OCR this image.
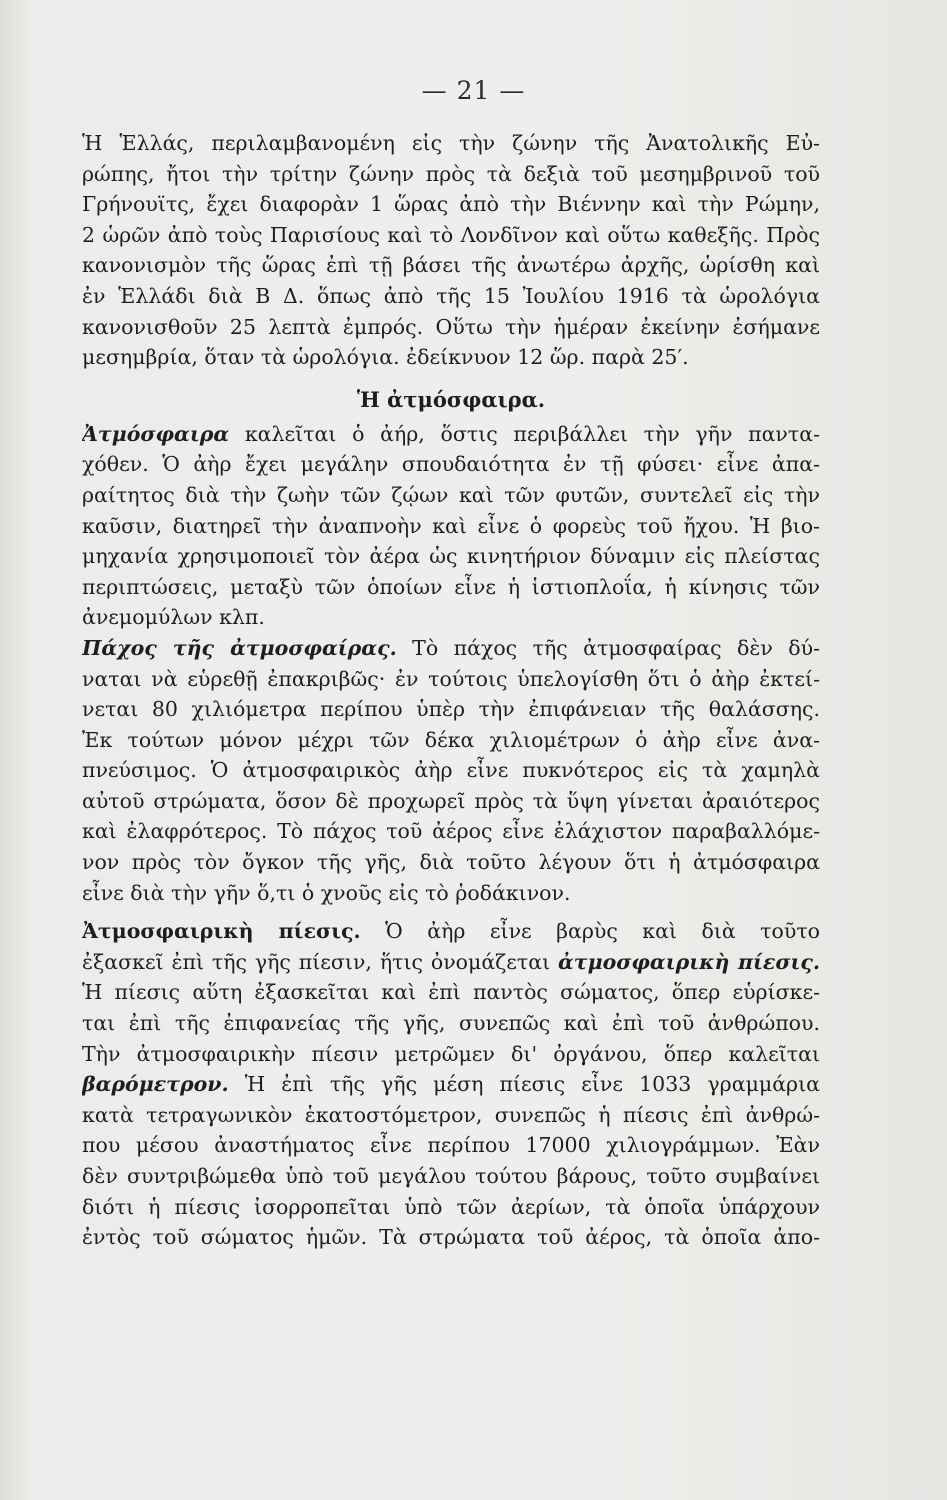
— 21 —
Ἡ Ἑλλάς, περιλαμβανομένη εἰς τὴν ζώνην τῆς Ἀνατολικῆς Εὐ-
ρώπης, ἤτοι τὴν τρίτην ζώνην πρὸς τὰ δεξιὰ τοῦ μεσημβρινοῦ τοῦ
Γρήνουϊτς, ἔχει διαφορὰν 1 ὥρας ἀπὸ τὴν Βιέννην καὶ τὴν Ρώμην,
2 ὡρῶν ἀπὸ τοὺς Παρισίους καὶ τὸ Λονδῖνον καὶ οὕτω καθεξῆς. Πρὸς
κανονισμὸν τῆς ὥρας ἐπὶ τῇ βάσει τῆς ἀνωτέρω ἀρχῆς, ὡρίσθη καὶ
ἐν Ἑλλάδι διὰ Β Δ. ὅπως ἀπὸ τῆς 15 Ἰουλίου 1916 τὰ ὡρολόγια
κανονισθοῦν 25 λεπτὰ ἐμπρός. Οὕτω τὴν ἡμέραν ἐκείνην ἐσήμανε
μεσημβρία, ὅταν τὰ ὡρολόγια. ἐδείκνυον 12 ὥρ. παρὰ 25′.
Ἡ ἀτμόσφαιρα.
Ἀτμόσφαιρα καλεῖται ὁ ἀήρ, ὅστις περιβάλλει τὴν γῆν παντα-
χόθεν. Ὁ ἀὴρ ἔχει μεγάλην σπουδαιότητα ἐν τῇ φύσει· εἶνε ἀπα-
ραίτητος διὰ τὴν ζωὴν τῶν ζῴων καὶ τῶν φυτῶν, συντελεῖ εἰς τὴν
καῦσιν, διατηρεῖ τὴν ἀναπνοὴν καὶ εἶνε ὁ φορεὺς τοῦ ἤχου. Ἡ βιο-
μηχανία χρησιμοποιεῖ τὸν ἀέρα ὡς κινητήριον δύναμιν εἰς πλείστας
περιπτώσεις, μεταξὺ τῶν ὁποίων εἶνε ἡ ἱστιοπλοΐα, ἡ κίνησις τῶν
ἀνεμομύλων κλπ.
Πάχος τῆς ἀτμοσφαίρας. Τὸ πάχος τῆς ἀτμοσφαίρας δὲν δύ-
ναται νὰ εὑρεθῇ ἐπακριβῶς· ἐν τούτοις ὑπελογίσθη ὅτι ὁ ἀὴρ ἐκτεί-
νεται 80 χιλιόμετρα περίπου ὑπὲρ τὴν ἐπιφάνειαν τῆς θαλάσσης.
Ἐκ τούτων μόνον μέχρι τῶν δέκα χιλιομέτρων ὁ ἀὴρ εἶνε ἀνα-
πνεύσιμος. Ὁ ἀτμοσφαιρικὸς ἀὴρ εἶνε πυκνότερος εἰς τὰ χαμηλὰ
αὐτοῦ στρώματα, ὅσον δὲ προχωρεῖ πρὸς τὰ ὕψη γίνεται ἀραιότερος
καὶ ἐλαφρότερος. Τὸ πάχος τοῦ ἀέρος εἶνε ἐλάχιστον παραβαλλόμε-
νον πρὸς τὸν ὄγκον τῆς γῆς, διὰ τοῦτο λέγουν ὅτι ἡ ἀτμόσφαιρα
εἶνε διὰ τὴν γῆν ὅ,τι ὁ χνοῦς εἰς τὸ ῥοδάκινον.
Ἀτμοσφαιρικὴ πίεσις. Ὁ ἀὴρ εἶνε βαρὺς καὶ διὰ τοῦτο
ἐξασκεῖ ἐπὶ τῆς γῆς πίεσιν, ἥτις ὀνομάζεται ἀτμοσφαιρικὴ πίεσις.
Ἡ πίεσις αὕτη ἐξασκεῖται καὶ ἐπὶ παντὸς σώματος, ὅπερ εὑρίσκε-
ται ἐπὶ τῆς ἐπιφανείας τῆς γῆς, συνεπῶς καὶ ἐπὶ τοῦ ἀνθρώπου.
Τὴν ἀτμοσφαιρικὴν πίεσιν μετρῶμεν δι' ὀργάνου, ὅπερ καλεῖται
βαρόμετρον. Ἡ ἐπὶ τῆς γῆς μέση πίεσις εἶνε 1033 γραμμάρια
κατὰ τετραγωνικὸν ἑκατοστόμετρον, συνεπῶς ἡ πίεσις ἐπὶ ἀνθρώ-
που μέσου ἀναστήματος εἶνε περίπου 17000 χιλιογράμμων. Ἐὰν
δὲν συντριβώμεθα ὑπὸ τοῦ μεγάλου τούτου βάρους, τοῦτο συμβαίνει
διότι ἡ πίεσις ἰσορροπεῖται ὑπὸ τῶν ἀερίων, τὰ ὁποῖα ὑπάρχουν
ἐντὸς τοῦ σώματος ἡμῶν. Τὰ στρώματα τοῦ ἀέρος, τὰ ὁποῖα ἀπο-
